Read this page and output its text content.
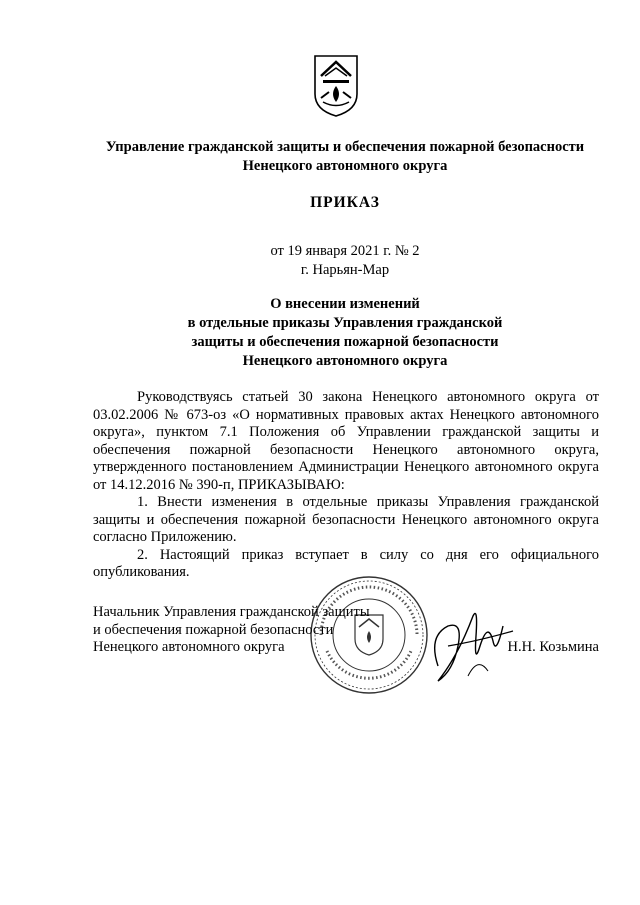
Управление гражданской защиты и обеспечения пожарной безопасности
Ненецкого автономного округа
ПРИКАЗ
от 19 января 2021 г. № 2
г. Нарьян-Мар
О внесении изменений
в отдельные приказы Управления гражданской
защиты и обеспечения пожарной безопасности
Ненецкого автономного округа

Руководствуясь статьей 30 закона Ненецкого автономного округа от 03.02.2006 № 673-оз «О нормативных правовых актах Ненецкого автономного округа», пунктом 7.1 Положения об Управлении гражданской защиты и обеспечения пожарной безопасности Ненецкого автономного округа, утвержденного постановлением Администрации Ненецкого автономного округа от 14.12.2016 № 390-п, ПРИКАЗЫВАЮ:

1. Внести изменения в отдельные приказы Управления гражданской защиты и обеспечения пожарной безопасности Ненецкого автономного округа согласно Приложению.

2. Настоящий приказ вступает в силу со дня его официального опубликования.

Начальник Управления гражданской защиты
и обеспечения пожарной безопасности
Ненецкого автономного округа	Н.Н. Козьмина
